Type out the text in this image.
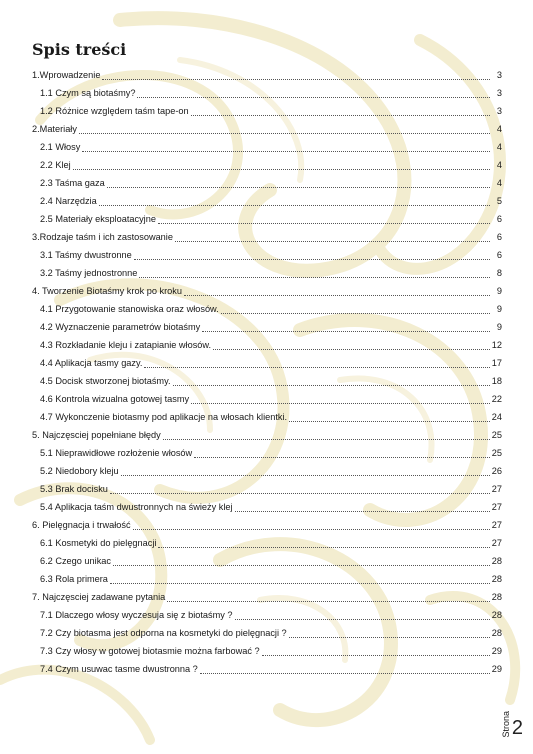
Spis treści
1.Wprowadzenie	3
1.1 Czym są biotaśmy?	3
1.2 Różnice względem taśm tape-on	3
2.Materiały	4
2.1 Włosy	4
2.2 Klej	4
2.3 Taśma gaza	4
2.4 Narzędzia	5
2.5 Materiały eksploatacyjne	6
3.Rodzaje taśm i ich zastosowanie	6
3.1 Taśmy dwustronne	6
3.2 Taśmy jednostronne	8
4. Tworzenie Biotaśmy krok po kroku	9
4.1 Przygotowanie stanowiska oraz włosów.	9
4.2 Wyznaczenie parametrów biotaśmy	9
4.3 Rozkładanie kleju i zatapianie włosów.	12
4.4 Aplikacja tasmy gazy.	17
4.5 Docisk stworzonej biotaśmy.	18
4.6 Kontrola wizualna gotowej tasmy	22
4.7 Wykonczenie biotasmy pod aplikacje na włosach klientki.	24
5. Najczęsciej popełniane błędy	25
5.1 Nieprawidłowe rozłożenie włosów	25
5.2 Niedobory kleju	26
5.3 Brak docisku	27
5.4 Aplikacja taśm dwustronnych na świeży klej	27
6. Pielęgnacja i trwałość	27
6.1 Kosmetyki do pielęgnacji	27
6.2 Czego unikac	28
6.3 Rola primera	28
7. Najczęsciej zadawane pytania	28
7.1 Dlaczego włosy wyczesuja się z biotaśmy ?	28
7.2 Czy biotasma jest odporna na kosmetyki do pielęgnacji ?	28
7.3 Czy włosy w gotowej biotasmie można farbować ?	29
7.4 Czym usuwac tasme dwustronna ?	29
Strona 2
